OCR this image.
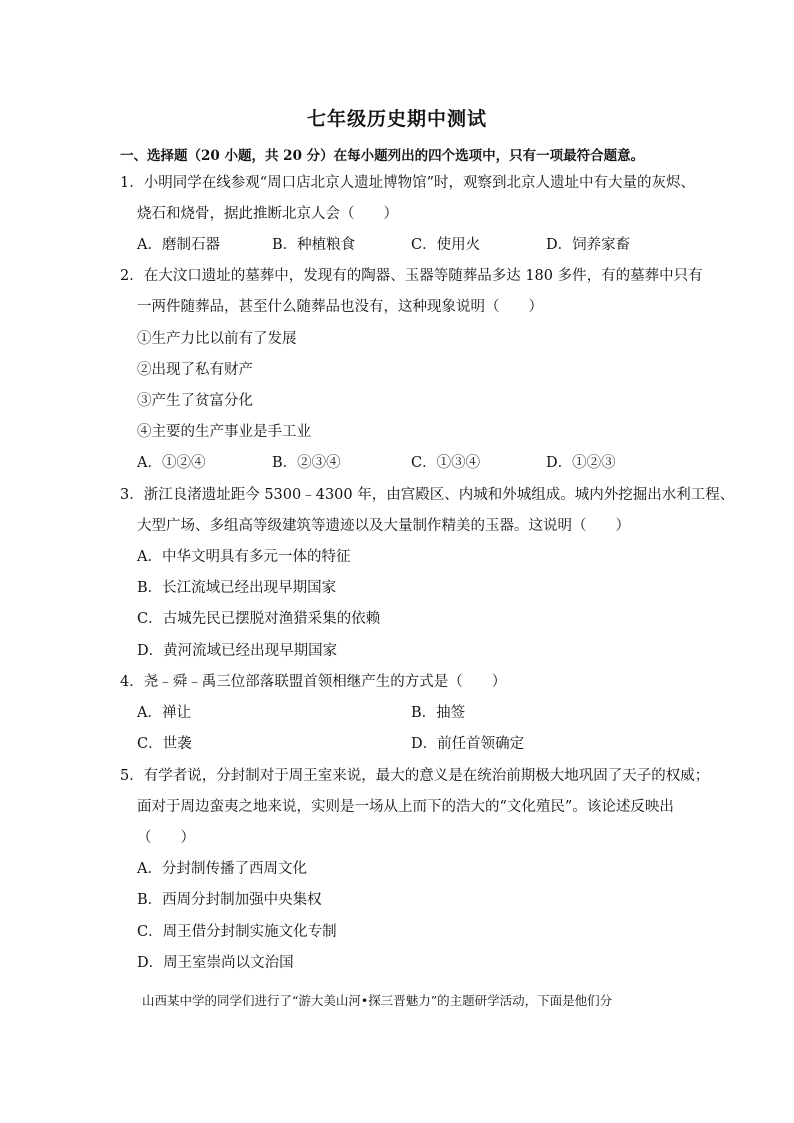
七年级历史期中测试
一、选择题（20 小题，共 20 分）在每小题列出的四个选项中，只有一项最符合题意。
1．小明同学在线参观“周口店北京人遗址博物馆”时，观察到北京人遗址中有大量的灰烬、
烧石和烧骨，据此推断北京人会（　　）
A．磨制石器	B．种植粮食	C．使用火	D．饲养家畜
2．在大汶口遗址的墓葬中，发现有的陶器、玉器等随葬品多达 180 多件，有的墓葬中只有
一两件随葬品，甚至什么随葬品也没有，这种现象说明（　　）
①生产力比以前有了发展
②出现了私有财产
③产生了贫富分化
④主要的生产事业是手工业
A．①②④	B．②③④	C．①③④	D．①②③
3．浙江良渚遗址距今 5300﹣4300 年，由宫殿区、内城和外城组成。城内外挖掘出水利工程、
大型广场、多组高等级建筑等遗迹以及大量制作精美的玉器。这说明（　　）
A．中华文明具有多元一体的特征
B．长江流域已经出现早期国家
C．古城先民已摆脱对渔猎采集的依赖
D．黄河流域已经出现早期国家
4．尧﹣舜﹣禹三位部落联盟首领相继产生的方式是（　　）
A．禅让	B．抽签
C．世袭	D．前任首领确定
5．有学者说，分封制对于周王室来说，最大的意义是在统治前期极大地巩固了天子的权威；
面对于周边蛮夷之地来说，实则是一场从上而下的浩大的“文化殖民”。该论述反映出
（　　）
A．分封制传播了西周文化
B．西周分封制加强中央集权
C．周王借分封制实施文化专制
D．周王室崇尚以文治国
山西某中学的同学们进行了“游大美山河•探三晋魅力”的主题研学活动，下面是他们分
